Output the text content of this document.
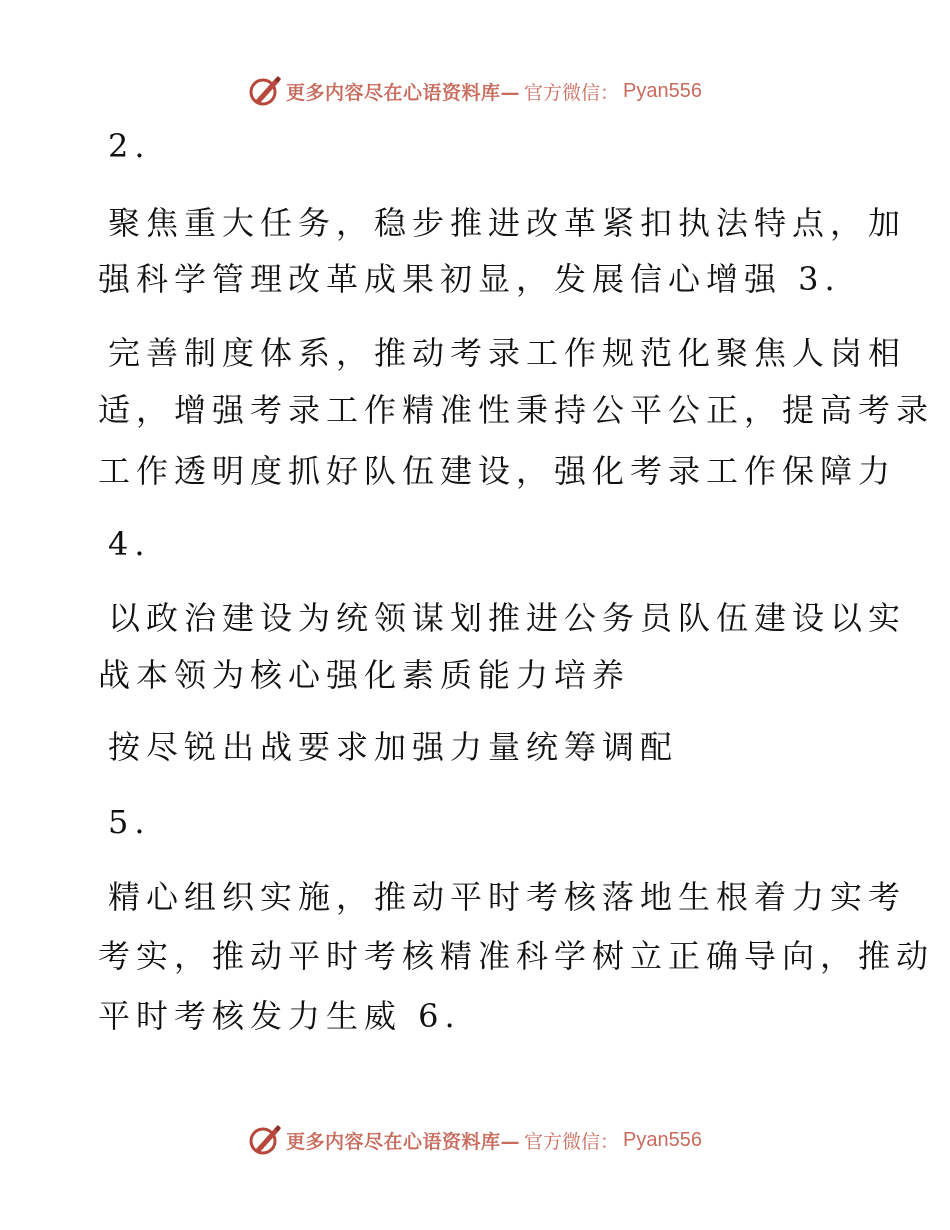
更多内容尽在心语资料库— 官方微信： Pyan556
2.
聚焦重大任务，稳步推进改革紧扣执法特点，加
强科学管理改革成果初显，发展信心增强 3.
完善制度体系，推动考录工作规范化聚焦人岗相
适，增强考录工作精准性秉持公平公正，提高考录
工作透明度抓好队伍建设，强化考录工作保障力
4.
以政治建设为统领谋划推进公务员队伍建设以实
战本领为核心强化素质能力培养
按尽锐出战要求加强力量统筹调配
5.
精心组织实施，推动平时考核落地生根着力实考
考实，推动平时考核精准科学树立正确导向，推动
平时考核发力生威 6.
更多内容尽在心语资料库— 官方微信： Pyan556
